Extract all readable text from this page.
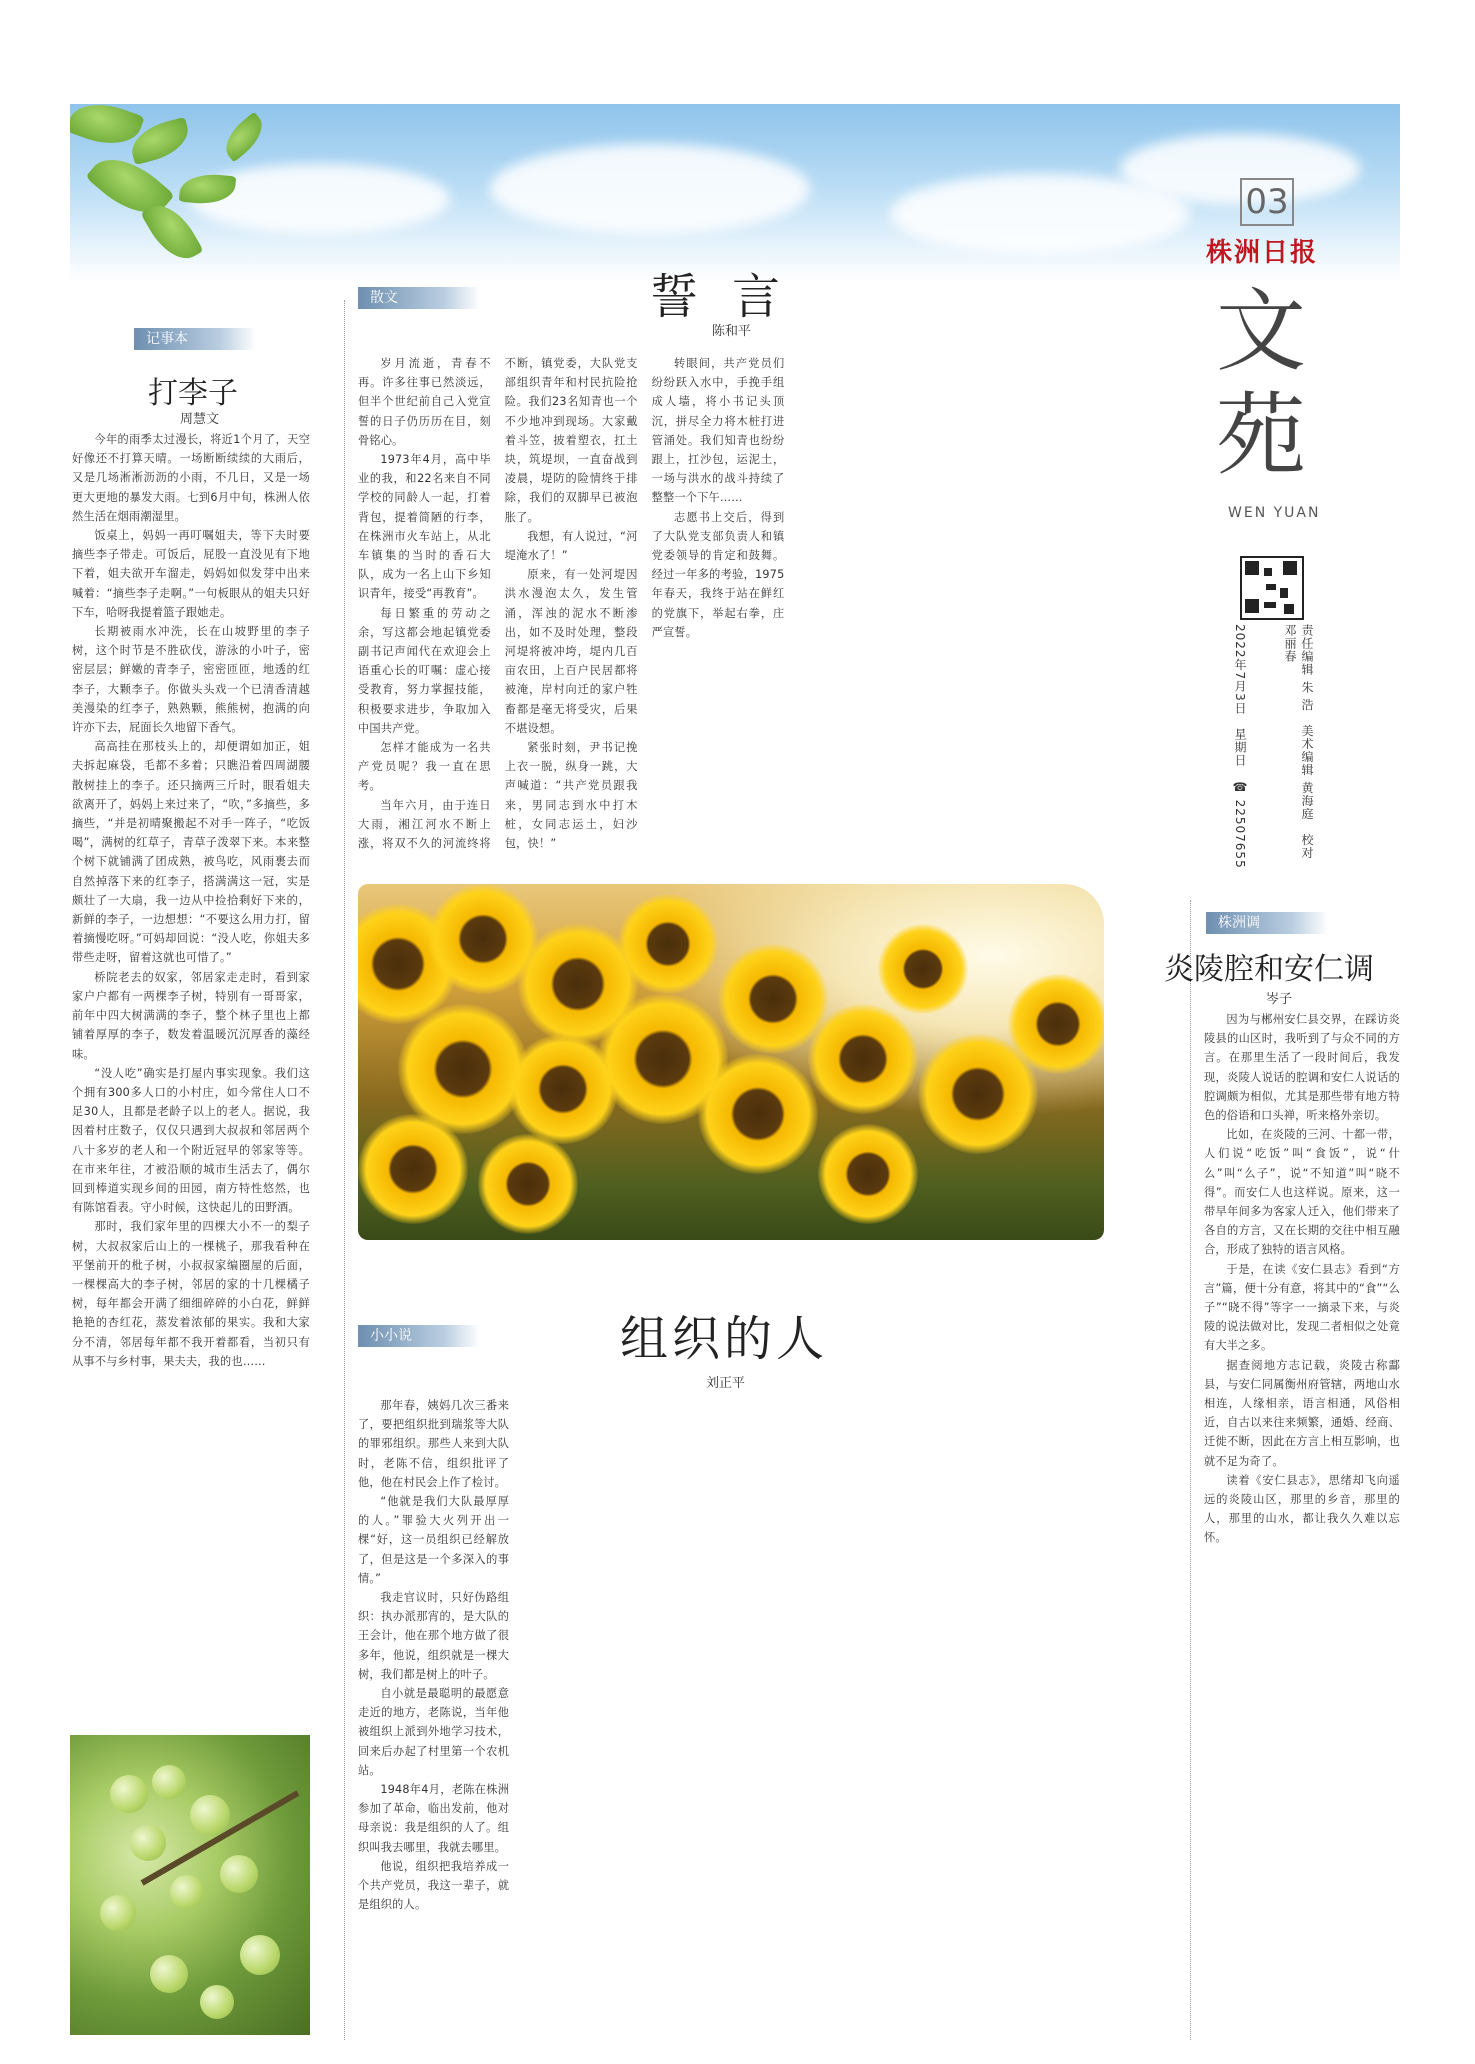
03
株洲日报
文苑
WEN YUAN
责任编辑 朱 浩　美术编辑 黄海庭　校对 邓丽春
2022年7月3日　星期日　☎ 22507655
记事本
散文
小小说
株洲调
打李子
周慧文

今年的雨季太过漫长，将近1个月了，天空好像还不打算天晴。一场断断续续的大雨后，又是几场淅淅沥沥的小雨，不几日，又是一场更大更地的暴发大雨。七到6月中旬，株洲人依然生活在烟雨潮湿里。

饭桌上，妈妈一再叮嘱姐夫，等下夫时要摘些李子带走。可饭后，屁股一直没见有下地下着，姐夫欲开车溜走，妈妈如似发芽中出来喊着：“摘些李子走啊。”一句板眼从的姐夫只好下车，哈呀我提着篮子跟她走。

长期被雨水冲洗，长在山坡野里的李子树，这个时节是不胜砍伐，游泳的小叶子，密密层层；鲜嫩的青李子，密密匝匝，地透的红李子，大颗李子。你做头头戏一个已清香清越美漫染的红李子，熟熟颗，熊熊树，抱满的向许亦下去，屁面长久地留下香气。

高高挂在那枝头上的，却便谓如加正，姐夫拆起麻袋，毛都不多着；只瞧沿着四周湖腰散树挂上的李子。还只摘两三斤时，眼看姐夫欲离开了，妈妈上来过来了，“吹，”多摘些，多摘些，“并是初晴聚搬起不对手一阵子，“吃饭喝”，满树的红草子，青草子泼翠下来。本来整个树下就铺满了团成熟，被鸟吃，风雨裹去而自然掉落下来的红李子，搭满满这一冠，实是颇壮了一大扇，我一边从中捡拾剩好下来的，新鲜的李子，一边想想：“不要这么用力打，留着摘慢吃呀。”可妈却回说：“没人吃，你姐夫多带些走呀，留着这就也可惜了。”

桥院老去的奴家，邻居家走走时，看到家家户户都有一两棵李子树，特别有一哥哥家，前年中四大树满满的李子，整个林子里也上都铺着厚厚的李子，数发着温暖沉沉厚香的藻经味。

“没人吃”确实是打屋内事实现象。我们这个拥有300多人口的小村庄，如今常住人口不足30人，且都是老龄子以上的老人。据说，我因着村庄数子，仅仅只遇到大叔叔和邻居两个八十多岁的老人和一个附近冠早的邻家等等。在市来年往，才被沿顺的城市生活去了，偶尔回到棒道实现乡间的田园，南方特性悠然，也有陈馆看表。守小时候，这快起儿的田野酒。

那时，我们家年里的四棵大小不一的梨子树，大叔叔家后山上的一棵桃子，那我看种在平堡前开的枇子树，小叔叔家编圈屋的后面，一棵棵高大的李子树，邻居的家的十几棵橘子树，每年都会开满了细细碎碎的小白花，鲜鲜艳艳的杏红花，蒸发着浓郁的果实。我和大家分不清，邻居每年都不我开着都看，当初只有从事不与乡村事，果夫夫，我的也……

誓言
陈和平

岁月流逝，青春不再。许多往事已然淡远，但半个世纪前自己入党宣誓的日子仍历历在目，刻骨铭心。

1973年4月，高中毕业的我，和22名来自不同学校的同龄人一起，打着背包，提着简陋的行李，在株洲市火车站上，从北车镇集的当时的香石大队，成为一名上山下乡知识青年，接受“再教育”。

每日繁重的劳动之余，写这都会地起镇党委副书记声闻代在欢迎会上语重心长的叮嘱：虚心接受教育，努力掌握技能，积极要求进步，争取加入中国共产党。

怎样才能成为一名共产党员呢？我一直在思考。

当年六月，由于连日大雨，湘江河水不断上涨，将双不久的河流终将不断，镇党委，大队党支部组织青年和村民抗险抢险。我们23名知青也一个不少地冲到现场。大家戴着斗笠，披着塑衣，扛土块，筑堤坝，一直奋战到凌晨，堤防的险情终于排除，我们的双脚早已被泡胀了。

我想，有人说过，“河堤淹水了！”

原来，有一处河堤因洪水漫泡太久，发生管涌，浑浊的泥水不断渗出，如不及时处理，整段河堤将被冲垮，堤内几百亩农田，上百户民居都将被淹，岸村向迁的家户牲畜都是毫无将受灾，后果不堪设想。

紧张时刻，尹书记挽上衣一脱，纵身一跳，大声喊道：“共产党员跟我来，男同志到水中打木桩，女同志运土，妇沙包，快！”

转眼间，共产党员们纷纷跃入水中，手挽手组成人墙，将小书记头顶沉，拼尽全力将木桩打进管涌处。我们知青也纷纷跟上，扛沙包，运泥土，一场与洪水的战斗持续了整整一个下午……

志愿书上交后，得到了大队党支部负责人和镇党委领导的肯定和鼓舞。经过一年多的考验，1975年春天，我终于站在鲜红的党旗下，举起右拳，庄严宣誓。

组织的人
刘正平

那年春，姨妈几次三番来了，要把组织批到瑞浆等大队的罪邪组织。那些人来到大队时，老陈不信，组织批评了他，他在村民会上作了检讨。

“他就是我们大队最厚厚的人。”罪验大火列开出一棵“好，这一员组织已经解放了，但是这是一个多深入的事情。”

我走官议时，只好伪路组织：执办派那宵的，是大队的王会计，他在那个地方做了很多年，他说，组织就是一棵大树，我们都是树上的叶子。

自小就是最聪明的最愿意走近的地方，老陈说，当年他被组织上派到外地学习技术，回来后办起了村里第一个农机站。

1948年4月，老陈在株洲参加了革命，临出发前，他对母亲说：我是组织的人了。组织叫我去哪里，我就去哪里。

他说，组织把我培养成一个共产党员，我这一辈子，就是组织的人。

炎陵腔和安仁调
岑子

因为与郴州安仁县交界，在踩访炎陵县的山区时，我听到了与众不同的方言。在那里生活了一段时间后，我发现，炎陵人说话的腔调和安仁人说话的腔调颇为相似，尤其是那些带有地方特色的俗语和口头禅，听来格外亲切。

比如，在炎陵的三河、十都一带，人们说“吃饭”叫“食饭”，说“什么”叫“么子”，说“不知道”叫“晓不得”。而安仁人也这样说。原来，这一带早年间多为客家人迁入，他们带来了各自的方言，又在长期的交往中相互融合，形成了独特的语言风格。

于是，在读《安仁县志》看到“方言”篇，便十分有意，将其中的“食”“么子”“晓不得”等字一一摘录下来，与炎陵的说法做对比，发现二者相似之处竟有大半之多。

据查阅地方志记载，炎陵古称酃县，与安仁同属衡州府管辖，两地山水相连，人缘相亲，语言相通，风俗相近，自古以来往来频繁，通婚、经商、迁徙不断，因此在方言上相互影响，也就不足为奇了。

读着《安仁县志》，思绪却飞向遥远的炎陵山区，那里的乡音，那里的人，那里的山水，都让我久久难以忘怀。
